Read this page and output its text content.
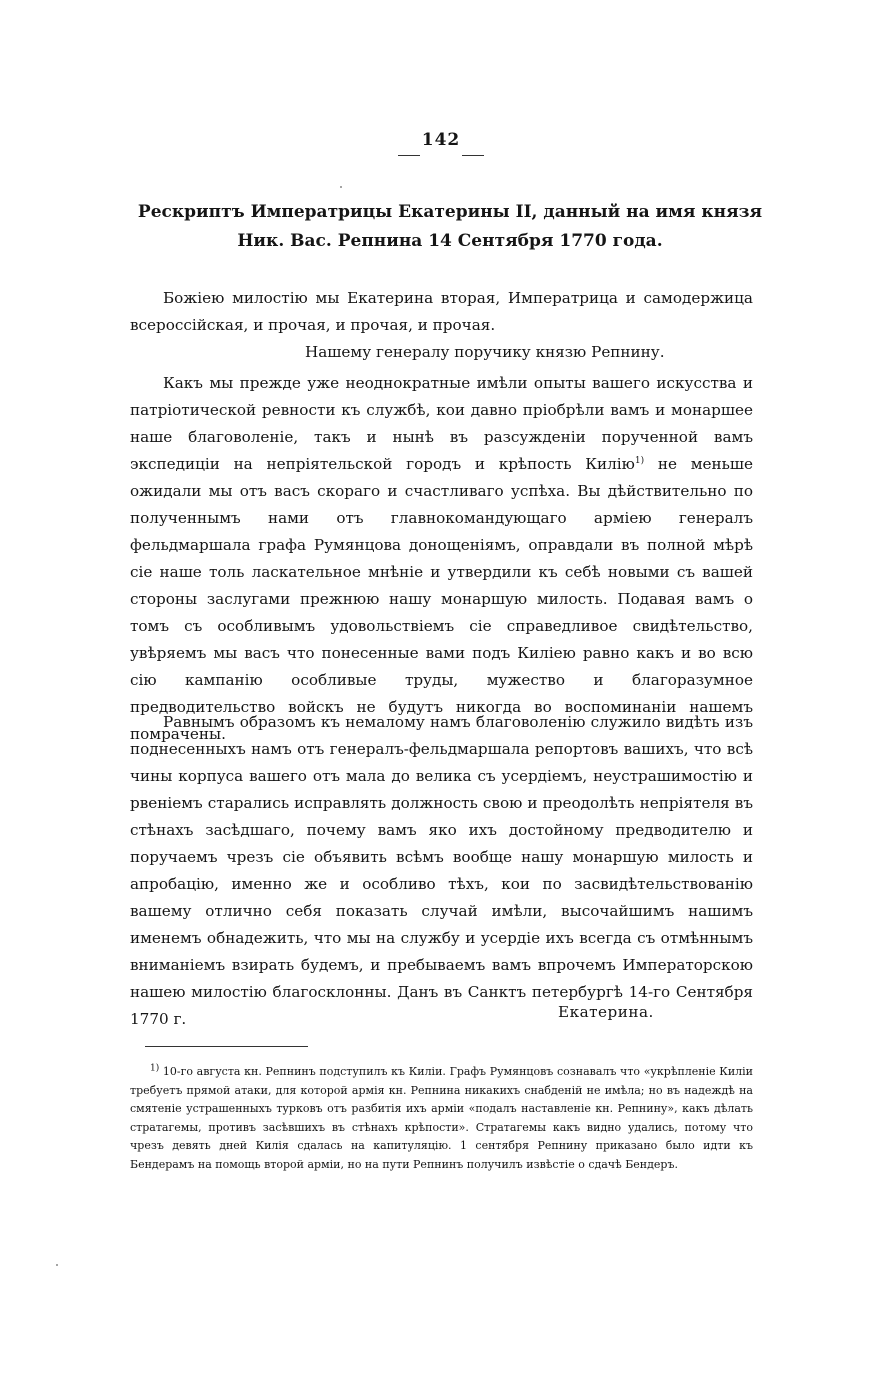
142
Рескриптъ Императрицы Екатерины II, данный на имя князя
Ник. Вас. Репнина 14 Сентября 1770 года.
Божiею милостiю мы Екатерина вторая, Императрица и самодержица всероссiйская, и прочая, и прочая, и прочая.
Нашему генералу поручику князю Репнину.
Какъ мы прежде уже неоднократные имѣли опыты вашего искусства и патрiотической ревности къ службѣ, кои давно прiобрѣли вамъ и монаршее наше благоволенiе, такъ и нынѣ въ разсужденiи порученной вамъ экспедицiи на непрiятельской городъ и крѣпость Килiю$^{1)}$ не меньше ожидали мы отъ васъ скораго и счастливаго успѣха. Вы дѣйствительно по полученнымъ нами отъ главнокомандующаго армiею генералъ фельдмаршала графа Румянцова донощенiямъ, оправдали въ полной мѣрѣ сiе наше толь ласкательное мнѣнiе и утвердили къ себѣ новыми съ вашей стороны заслугами прежнюю нашу монаршую милость. Подавая вамъ о томъ съ особливымъ удовольствiемъ сiе справедливое свидѣтельство, увѣряемъ мы васъ что понесенные вами подъ Килiею равно какъ и во всю сiю кампанiю особливые труды, мужество и благоразумное предводительство войскъ не будутъ никогда во воспоминанiи нашемъ помрачены.
Равнымъ образомъ къ немалому намъ благоволенiю служило видѣть изъ поднесенныхъ намъ отъ генералъ-фельдмаршала репортовъ вашихъ, что всѣ чины корпуса вашего отъ мала до велика съ усердiемъ, неустрашимостiю и рвенiемъ старались исправлять должность свою и преодолѣть непрiятеля въ стѣнахъ засѣдшаго, почему вамъ яко ихъ достойному предводителю и поручаемъ чрезъ сiе объявить всѣмъ вообще нашу монаршую милость и апробацiю, именно же и особливо тѣхъ, кои по засвидѣтельствованiю вашему отлично себя показать случай имѣли, высочайшимъ нашимъ именемъ обнадежить, что мы на службу и усердiе ихъ всегда съ отмѣннымъ вниманiемъ взирать будемъ, и пребываемъ вамъ впрочемъ Императорскою нашею милостiю благосклонны. Данъ въ Санктъ петербургѣ 14-го Сентября 1770 г.	Екатерина.

$^{1)}$ 10-го августа кн. Репнинъ подступилъ къ Килiи. Графъ Румянцовъ сознавалъ что «укрѣпленiе Килiи требуетъ прямой атаки, для которой армiя кн. Репнина никакихъ снабденiй не имѣла; но въ надеждѣ на смятенiе устрашенныхъ турковъ отъ разбитiя ихъ армiи «подалъ наставленiе кн. Репнину», какъ дѣлать стратагемы, противъ засѣвшихъ въ стѣнахъ крѣпости». Стратагемы какъ видно удались, потому что чрезъ девять дней Килiя сдалась на капитуляцiю. 1 сентября Репнину приказано было идти къ Бендерамъ на помощь второй армiи, но на пути Репнинъ получилъ извѣстiе о сдачѣ Бендеръ.
